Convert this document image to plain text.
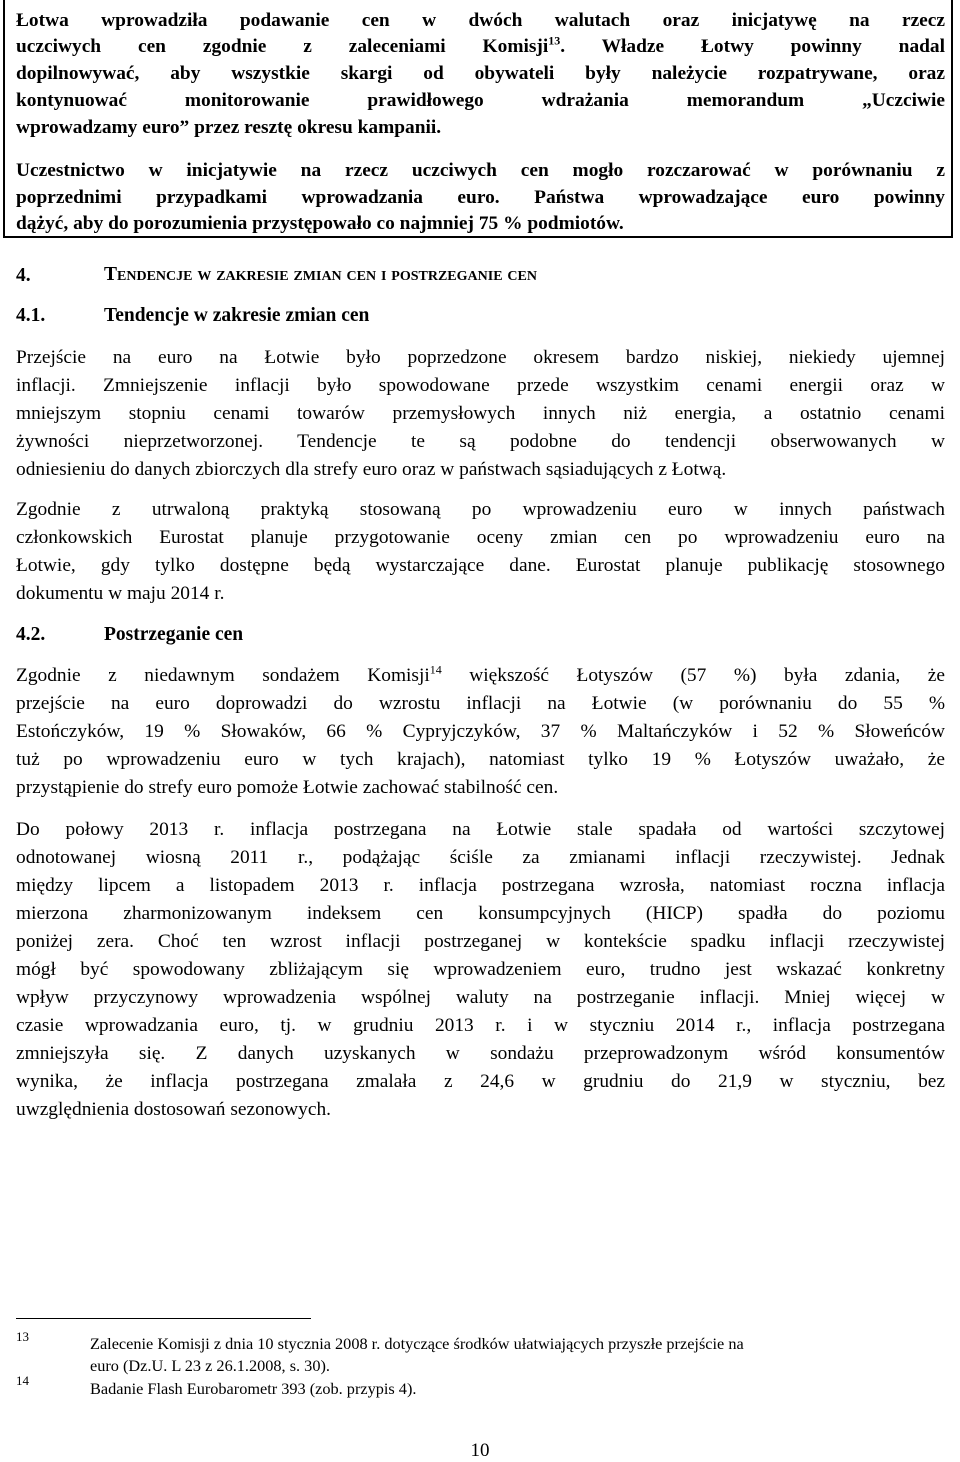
Łotwa wprowadziła podawanie cen w dwóch walutach oraz inicjatywę na rzecz
uczciwych cen zgodnie z zaleceniami Komisji$^{13}$. Władze Łotwy powinny nadal
dopilnowywać, aby wszystkie skargi od obywateli były należycie rozpatrywane, oraz
kontynuować monitorowanie prawidłowego wdrażania memorandum „Uczciwie
wprowadzamy euro” przez resztę okresu kampanii.
Uczestnictwo w inicjatywie na rzecz uczciwych cen mogło rozczarować w porównaniu z
poprzednimi przypadkami wprowadzania euro. Państwa wprowadzające euro powinny
dążyć, aby do porozumienia przystępowało co najmniej 75 % podmiotów.
4.	Tendencje w zakresie zmian cen i postrzeganie cen
4.1.	Tendencje w zakresie zmian cen
Przejście na euro na Łotwie było poprzedzone okresem bardzo niskiej, niekiedy ujemnej
inflacji. Zmniejszenie inflacji było spowodowane przede wszystkim cenami energii oraz w
mniejszym stopniu cenami towarów przemysłowych innych niż energia, a ostatnio cenami
żywności nieprzetworzonej. Tendencje te są podobne do tendencji obserwowanych w
odniesieniu do danych zbiorczych dla strefy euro oraz w państwach sąsiadujących z Łotwą.
Zgodnie z utrwaloną praktyką stosowaną po wprowadzeniu euro w innych państwach
członkowskich Eurostat planuje przygotowanie oceny zmian cen po wprowadzeniu euro na
Łotwie, gdy tylko dostępne będą wystarczające dane. Eurostat planuje publikację stosownego
dokumentu w maju 2014 r.
4.2.	Postrzeganie cen
Zgodnie z niedawnym sondażem Komisji$^{14}$ większość Łotyszów (57 %) była zdania, że
przejście na euro doprowadzi do wzrostu inflacji na Łotwie (w porównaniu do 55 %
Estończyków, 19 % Słowaków, 66 % Cypryjczyków, 37 % Maltańczyków i 52 % Słoweńców
tuż po wprowadzeniu euro w tych krajach), natomiast tylko 19 % Łotyszów uważało, że
przystąpienie do strefy euro pomoże Łotwie zachować stabilność cen.
Do połowy 2013 r. inflacja postrzegana na Łotwie stale spadała od wartości szczytowej
odnotowanej wiosną 2011 r., podążając ściśle za zmianami inflacji rzeczywistej. Jednak
między lipcem a listopadem 2013 r. inflacja postrzegana wzrosła, natomiast roczna inflacja
mierzona zharmonizowanym indeksem cen konsumpcyjnych (HICP) spadła do poziomu
poniżej zera. Choć ten wzrost inflacji postrzeganej w kontekście spadku inflacji rzeczywistej
mógł być spowodowany zbliżającym się wprowadzeniem euro, trudno jest wskazać konkretny
wpływ przyczynowy wprowadzenia wspólnej waluty na postrzeganie inflacji. Mniej więcej w
czasie wprowadzania euro, tj. w grudniu 2013 r. i w styczniu 2014 r., inflacja postrzegana
zmniejszyła się. Z danych uzyskanych w sondażu przeprowadzonym wśród konsumentów
wynika, że inflacja postrzegana zmalała z 24,6 w grudniu do 21,9 w styczniu, bez
uwzględnienia dostosowań sezonowych.
13	Zalecenie Komisji z dnia 10 stycznia 2008 r. dotyczące środków ułatwiających przyszłe przejście na
euro (Dz.U. L 23 z 26.1.2008, s. 30).
14	Badanie Flash Eurobarometr 393 (zob. przypis 4).
10
